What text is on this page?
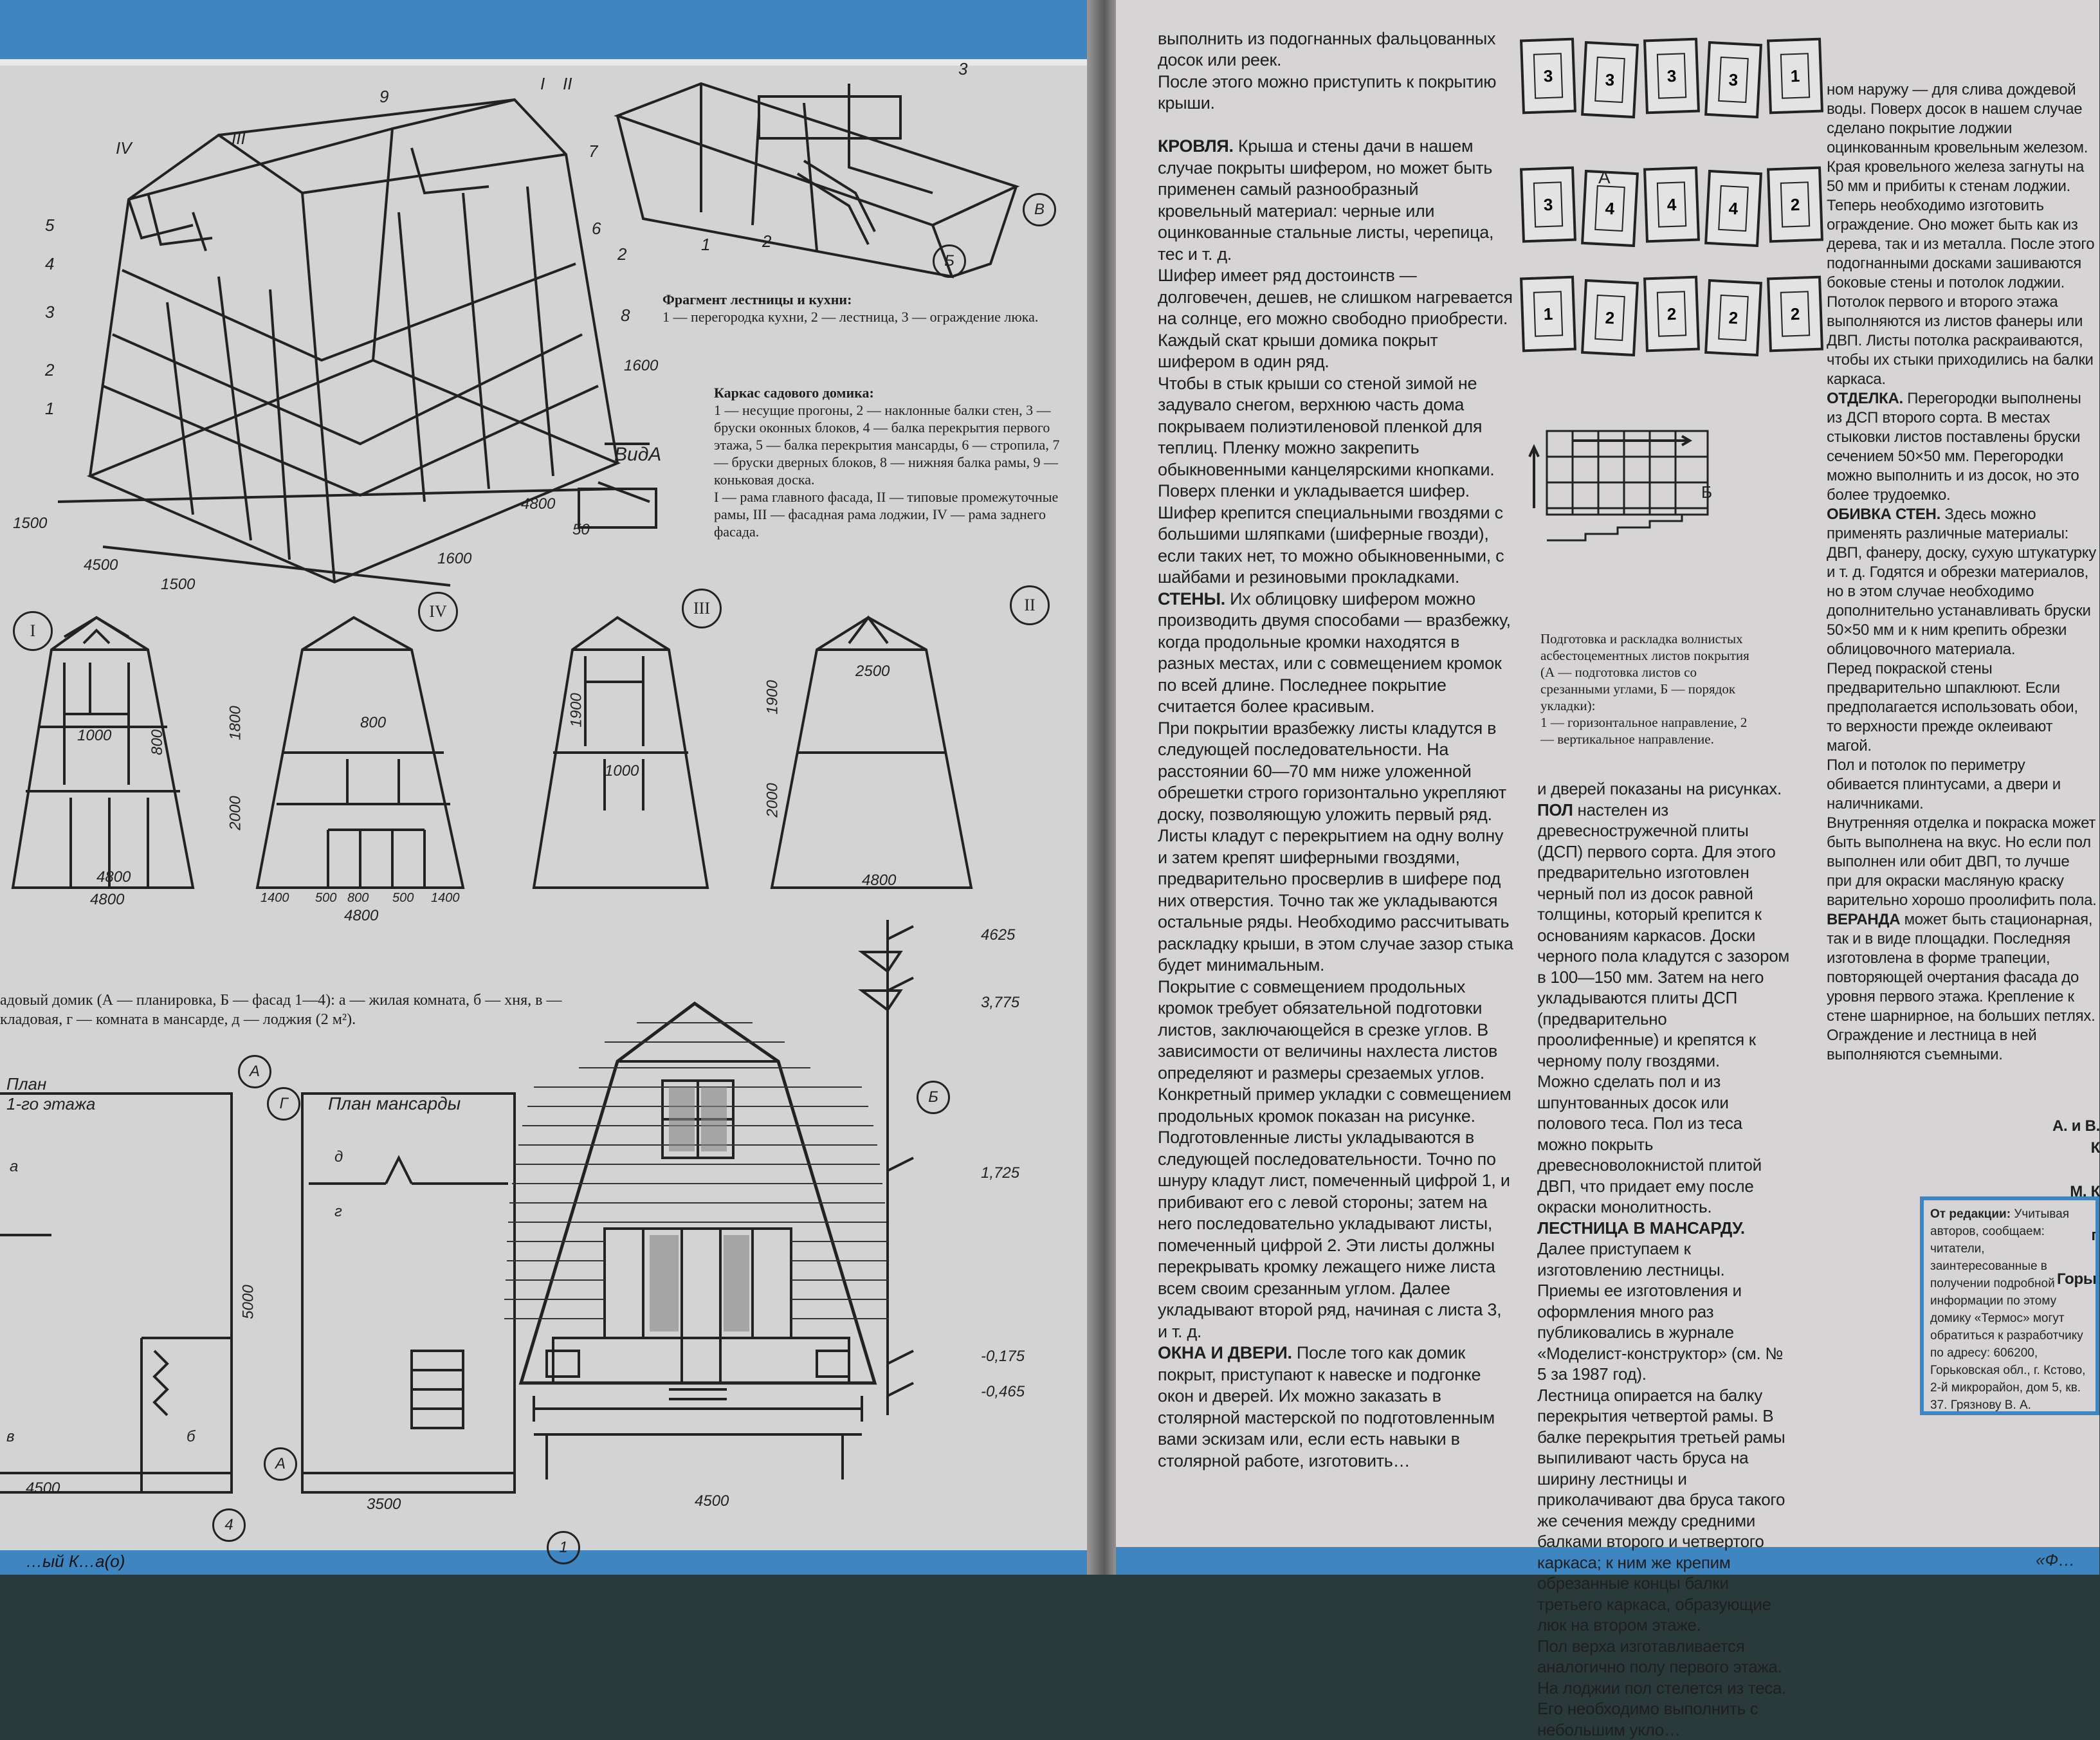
…ый К…а(о)
9
I II
IV	III
5
4
3
2
1
7
6
2
8
3
1	2
В
Б
1600
4800
1500
4500
1500
1600
50
ВидА

Фрагмент лестницы и кухни:

1 — перегородка кухни, 2 — лестница, 3 — ограждение люка.

Каркас садового домика:

1 — несущие прогоны, 2 — наклонные балки стен, 3 — бруски оконных блоков, 4 — балка перекрытия первого этажа, 5 — балка перекрытия мансарды, 6 — стропила, 7 — бруски дверных блоков, 8 — нижняя балка рамы, 9 — коньковая доска.
I — рама главного фасада, II — типовые промежуточные рамы, III — фасадная рама лоджии, IV — рама заднего фасада.

I
IV	III	II
1800
2000
1000 800
4800
800
1400 500 800 500 1400
4800
1900
1000
2500
4800
1900
2000
4800
адовый домик (А — планировка, Б — фасад 1—4): а — жилая комната, б — хня, в — кладовая, г — комната в мансарде, д — лоджия (2 м²).
План
1-го этажа	План мансарды
а
б
в
г
д
4500
5000
3500	4500
А
Г
А
1
4
Б
4625
3,775
1,725
-0,175
-0,465
«Ф…

выполнить из подогнанных фальцованных досок или реек.
После этого можно приступить к покрытию крыши.

КРОВЛЯ. Крыша и стены дачи в нашем случае покрыты шифером, но может быть применен самый разнообразный кровельный материал: черные или оцинкованные стальные листы, черепица, тес и т. д.
Шифер имеет ряд достоинств — долговечен, дешев, не слишком нагревается на солнце, его можно свободно приобрести. Каждый скат крыши домика покрыт шифером в один ряд.
Чтобы в стык крыши со стеной зимой не задувало снегом, верхнюю часть дома покрываем полиэтиленовой пленкой для теплиц. Пленку можно закрепить обыкновенными канцелярскими кнопками. Поверх пленки и укладывается шифер. Шифер крепится специальными гвоздями с большими шляпками (шиферные гвозди), если таких нет, то можно обыкновенными, с шайбами и резиновыми прокладками.
СТЕНЫ. Их облицовку шифером можно производить двумя способами — вразбежку, когда продольные кромки находятся в разных местах, или с совмещением кромок по всей длине. Последнее покрытие считается более красивым.
При покрытии вразбежку листы кладутся в следующей последовательности. На расстоянии 60—70 мм ниже уложенной обрешетки строго горизонтально укрепляют доску, позволяющую уложить первый ряд. Листы кладут с перекрытием на одну волну и затем крепят шиферными гвоздями, предварительно просверлив в шифере под них отверстия. Точно так же укладываются остальные ряды. Необходимо рассчитывать раскладку крыши, в этом случае зазор стыка будет минимальным.
Покрытие с совмещением продольных кромок требует обязательной подготовки листов, заключающейся в срезке углов. В зависимости от величины нахлеста листов определяют и размеры срезаемых углов. Конкретный пример укладки с совмещением продольных кромок показан на рисунке. Подготовленные листы укладываются в следующей последовательности. Точно по шнуру кладут лист, помеченный цифрой 1, и прибивают его с левой стороны; затем на него последовательно укладывают листы, помеченный цифрой 2. Эти листы должны перекрывать кромку лежащего ниже листа всем своим срезанным углом. Далее укладывают второй ряд, начиная с листа 3, и т. д.
ОКНА И ДВЕРИ. После того как домик покрыт, приступают к навеске и подгонке окон и дверей. Их можно заказать в столярной мастерской по подготовленным вами эскизам или, если есть навыки в столярной работе, изготовить…

3	3	3	3	1
3	4	4	4	2
1	2	2	2	2
А
Б
Подготовка и раскладка волнистых асбестоцементных листов покрытия (А — подготовка листов со срезанными углами, Б — порядок укладки):
1 — горизонтальное направление, 2 — вертикальное направление.
и дверей показаны на рисунках.
ПОЛ настелен из древесностружечной плиты (ДСП) первого сорта. Для этого предварительно изготовлен черный пол из досок равной толщины, который крепится к основаниям каркасов. Доски черного пола кладутся с зазором в 100—150 мм. Затем на него укладываются плиты ДСП (предварительно проолифенные) и крепятся к черному полу гвоздями.
Можно сделать пол и из шпунтованных досок или полового теса. Пол из теса можно покрыть древесноволокнистой плитой ДВП, что придает ему после окраски монолитность.
ЛЕСТНИЦА В МАНСАРДУ. Далее приступаем к изготовлению лестницы. Приемы ее изготовления и оформления много раз публиковались в журнале «Моделист-конструктор» (см. № 5 за 1987 год).
Лестница опирается на балку перекрытия четвертой рамы. В балке перекрытия третьей рамы выпиливают часть бруса на ширину лестницы и приколачивают два бруса такого же сечения между средними балками второго и четвертого каркаса; к ним же крепим обрезанные концы балки третьего каркаса, образующие люк на втором этаже.
Пол верха изготавливается аналогично полу первого этажа. На лоджии пол стелется из теса. Его необходимо выполнить с небольшим укло…
ном наружу — для слива дождевой воды. Поверх досок в нашем случае сделано покрытие лоджии оцинкованным кровельным железом. Края кровельного железа загнуты на 50 мм и прибиты к стенам лоджии.
Теперь необходимо изготовить ограждение. Оно может быть как из дерева, так и из металла. После этого подогнанными досками зашиваются боковые стены и потолок лоджии.
Потолок первого и второго этажа выполняются из листов фанеры или ДВП. Листы потолка раскраиваются, чтобы их стыки приходились на балки каркаса.
ОТДЕЛКА. Перегородки выполнены из ДСП второго сорта. В местах стыковки листов поставлены бруски сечением 50×50 мм. Перегородки можно выполнить и из досок, но это более трудоемко.
ОБИВКА СТЕН. Здесь можно применять различные материалы: ДВП, фанеру, доску, сухую штукатурку и т. д. Годятся и обрезки материалов, но в этом случае необходимо дополнительно устанавливать бруски 50×50 мм и к ним крепить обрезки облицовочного материала.
Перед покраской стены предварительно шпаклюют. Если предполагается использовать обои, то верхности прежде оклеивают магой.
Пол и потолок по периметру обивается плинтусами, а двери и наличниками.
Внутренняя отделка и покраска может быть выполнена на вкус. Но если пол выполнен или обит ДВП, то лучше при для окраски масляную краску варительно хорошо проолифить пола.
ВЕРАНДА может быть стационарная, так и в виде площадки. Последняя изготовлена в форме трапеции, повторяющей очертания фасада до уровня первого этажа. Крепление к стене шарнирное, на больших петлях. Ограждение и лестница в ней выполняются съемными.

А. и В. К

М. К

г.

Горьк

От редакции: Учитывая авторов, сообщаем: читатели, заинтересованные в получении подробной информации по этому домику «Термос» могут обратиться к разработчику по адресу: 606200, Горьковская обл., г. Кстово, 2-й микрорайон, дом 5, кв. 37. Грязнову В. А.
